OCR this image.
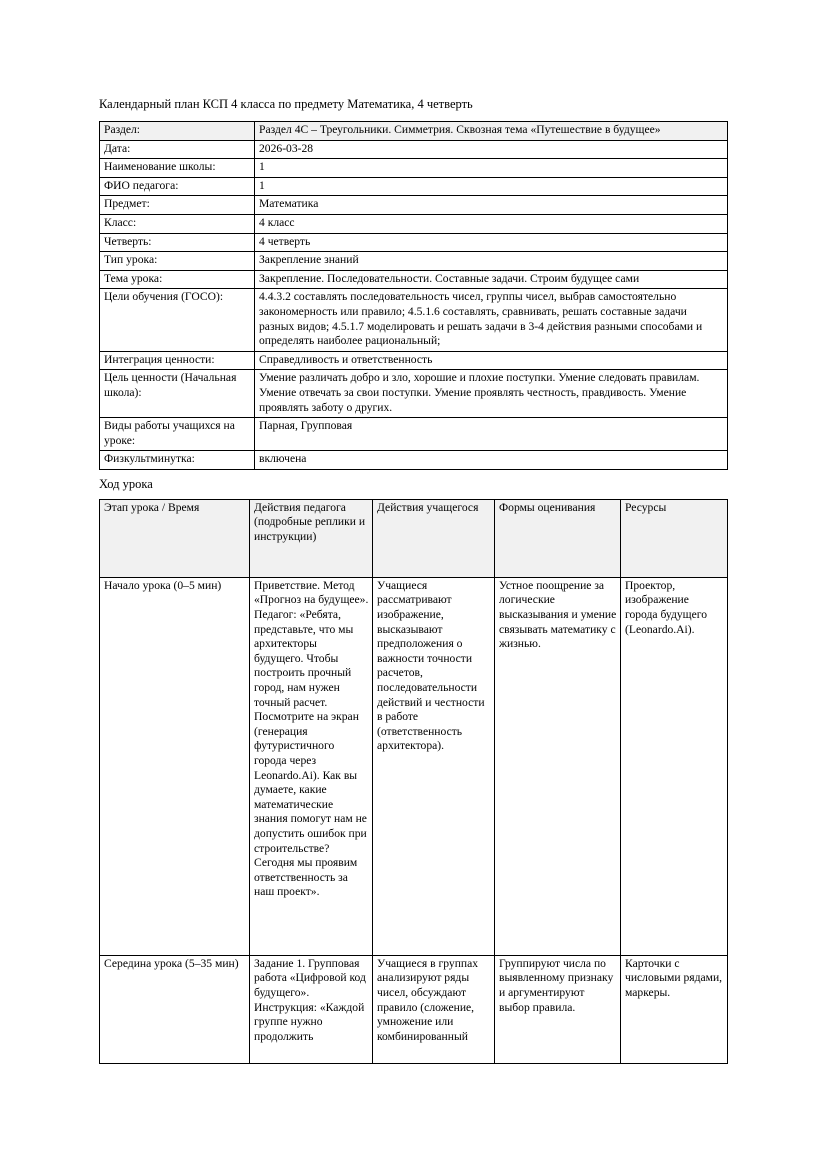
Календарный план КСП 4 класса по предмету Математика, 4 четверть

Раздел:	Раздел 4С – Треугольники. Симметрия. Сквозная тема «Путешествие в будущее»
Дата:	2026-03-28
Наименование школы:	1
ФИО педагога:	1
Предмет:	Математика
Класс:	4 класс
Четверть:	4 четверть
Тип урока:	Закрепление знаний
Тема урока:	Закрепление. Последовательности. Составные задачи. Строим будущее сами
Цели обучения (ГОСО):	4.4.3.2 составлять последовательность чисел, группы чисел, выбрав самостоятельно закономерность или правило; 4.5.1.6 составлять, сравнивать, решать составные задачи разных видов; 4.5.1.7 моделировать и решать задачи в 3-4 действия разными способами и определять наиболее рациональный;
Интеграция ценности:	Справедливость и ответственность
Цель ценности (Начальная школа):	Умение различать добро и зло, хорошие и плохие поступки. Умение следовать правилам. Умение отвечать за свои поступки. Умение проявлять честность, правдивость. Умение проявлять заботу о других.
Виды работы учащихся на уроке:	Парная, Групповая
Физкультминутка:	включена

Ход урока

Этап урока / Время	Действия педагога (подробные реплики и инструкции)	Действия учащегося	Формы оценивания	Ресурсы
Начало урока (0–5 мин)	Приветствие. Метод «Прогноз на будущее». Педагог: «Ребята, представьте, что мы архитекторы будущего. Чтобы построить прочный город, нам нужен точный расчет. Посмотрите на экран (генерация футуристичного города через Leonardo.Ai). Как вы думаете, какие математические знания помогут нам не допустить ошибок при строительстве? Сегодня мы проявим ответственность за наш проект».	Учащиеся рассматривают изображение, высказывают предположения о важности точности расчетов, последовательности действий и честности в работе (ответственность архитектора).	Устное поощрение за логические высказывания и умение связывать математику с жизнью.	Проектор, изображение города будущего (Leonardo.Ai).
Середина урока (5–35 мин)	Задание 1. Групповая работа «Цифровой код будущего». Инструкция: «Каждой группе нужно продолжить	Учащиеся в группах анализируют ряды чисел, обсуждают правило (сложение, умножение или комбинированный	Группируют числа по выявленному признаку и аргументируют выбор правила.	Карточки с числовыми рядами, маркеры.
